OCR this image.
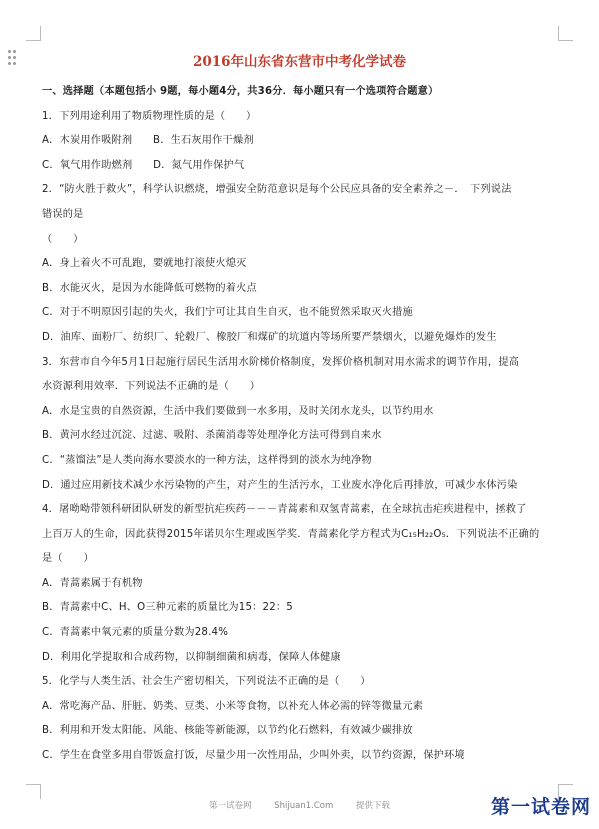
2016年山东省东营市中考化学试卷
一、选择题（本题包括小 9题，每小题4分，共36分．每小题只有一个选项符合题意）
1．下列用途利用了物质物理性质的是（　　）
A．木炭用作吸附剂　　B．生石灰用作干燥剂
C．氧气用作助燃剂　　D．氮气用作保护气
2．“防火胜于救火”，科学认识燃烧，增强安全防范意识是每个公民应具备的安全素养之－．　下列说法
错误的是
（　　）
A．身上着火不可乱跑，要就地打滚使火熄灭
B．水能灭火，是因为水能降低可燃物的着火点
C．对于不明原因引起的失火，我们宁可让其自生自灭，也不能贸然采取灭火措施
D．油库、面粉厂、纺织厂、轮毂厂、橡胶厂和煤矿的坑道内等场所要严禁烟火，以避免爆炸的发生
3．东营市自今年5月1日起施行居民生活用水阶梯价格制度，发挥价格机制对用水需求的调节作用，提高
水资源利用效率．下列说法不正确的是（　　）
A．水是宝贵的自然资源，生活中我们要做到一水多用，及时关闭水龙头，以节约用水
B．黄河水经过沉淀、过滤、吸附、杀菌消毒等处理净化方法可得到自来水
C．“蒸馏法”是人类向海水要淡水的一种方法，这样得到的淡水为纯净物
D．通过应用新技术减少水污染物的产生，对产生的生活污水，工业废水净化后再排放，可减少水体污染
4．屠呦呦带领科研团队研发的新型抗疟疾药－－－青蒿素和双氢青蒿素，在全球抗击疟疾进程中，拯救了
上百万人的生命，因此获得2015年诺贝尔生理或医学奖．青蒿素化学方程式为C₁₅H₂₂O₅．下列说法不正确的
是（　　）
A．青蒿素属于有机物
B．青蒿素中C、H、O三种元素的质量比为15：22：5
C．青蒿素中氧元素的质量分数为28.4%
D．利用化学提取和合成药物，以抑制细菌和病毒，保障人体健康
5．化学与人类生活、社会生产密切相关，下列说法不正确的是（　　）
A．常吃海产品、肝脏、奶类、豆类、小米等食物，以补充人体必需的锌等微量元素
B．利用和开发太阳能、风能、核能等新能源，以节约化石燃料，有效减少碳排放
C．学生在食堂多用自带饭盒打饭，尽量少用一次性用品，少叫外卖，以节约资源，保护环境
第一试卷网	Shijuan1.Com	提供下载	第一试卷网
